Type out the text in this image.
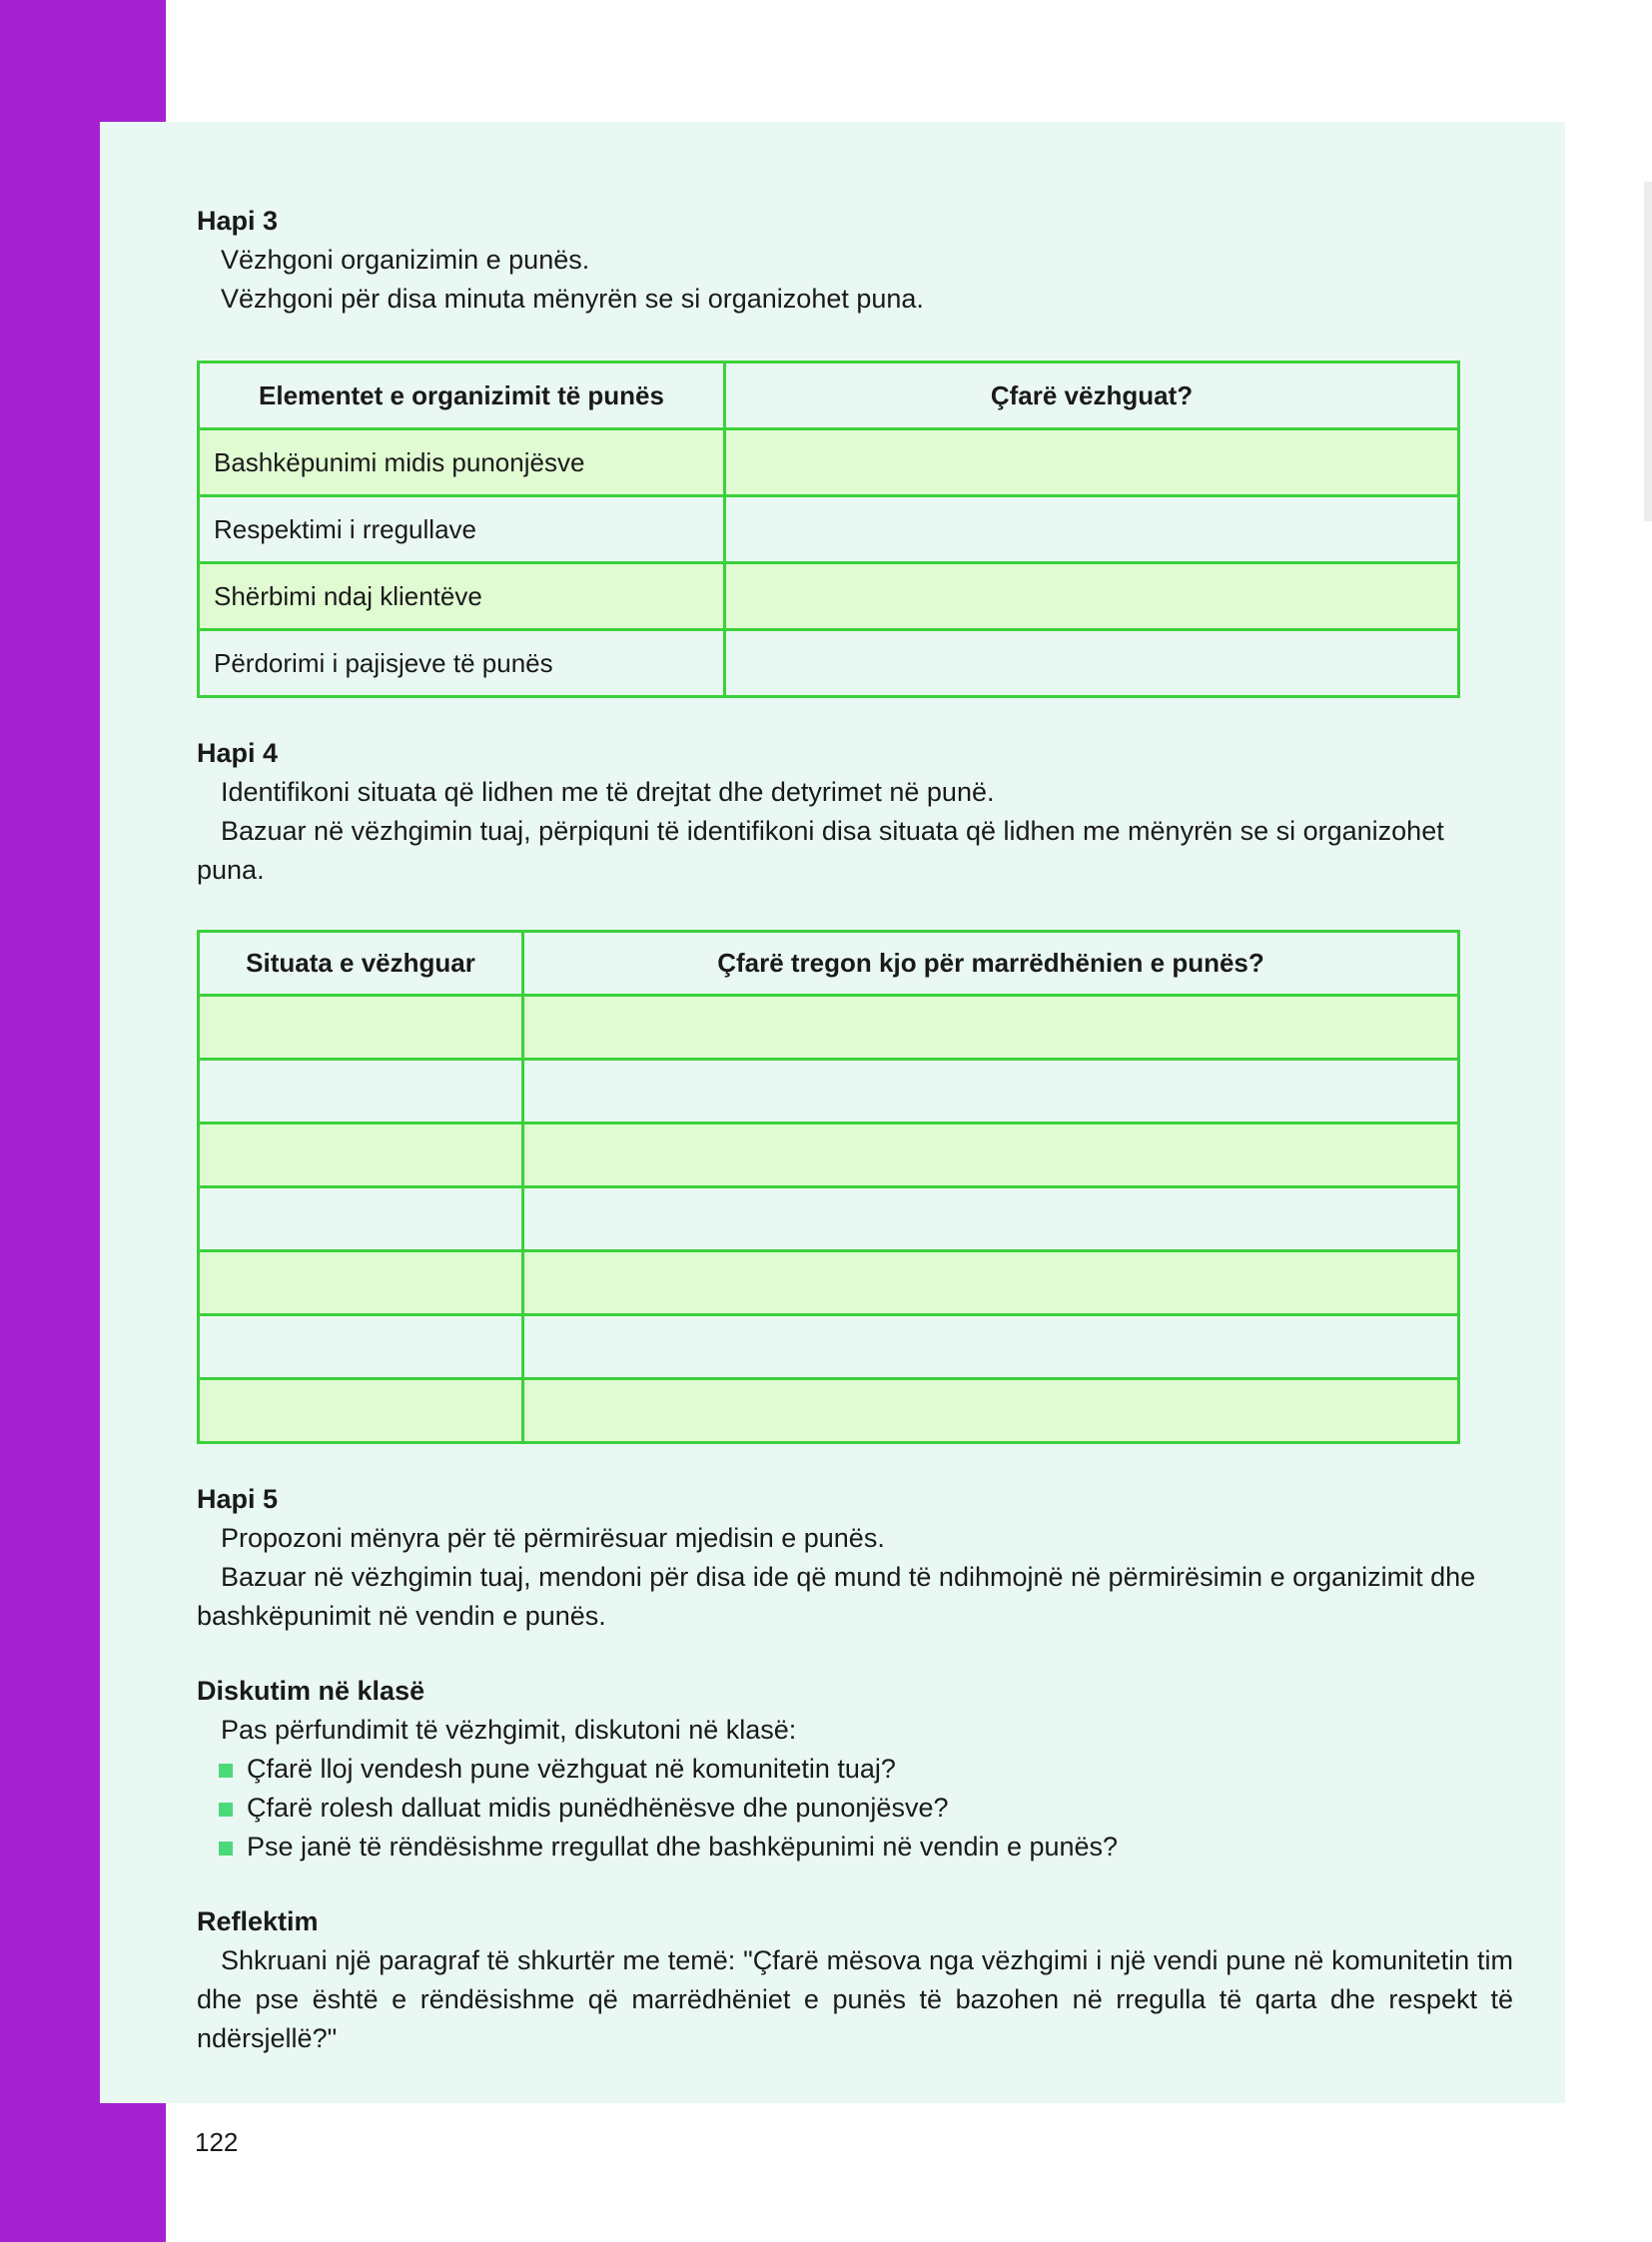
Hapi 3

Vëzhgoni organizimin e punës.

Vëzhgoni për disa minuta mënyrën se si organizohet puna.

Elementet e organizimit të punës	Çfarë vëzhguat?
Bashkëpunimi midis punonjësve	
Respektimi i rregullave	
Shërbimi ndaj klientëve	
Përdorimi i pajisjeve të punës	

Hapi 4

Identifikoni situata që lidhen me të drejtat dhe detyrimet në punë.

Bazuar në vëzhgimin tuaj, përpiquni të identifikoni disa situata që lidhen me mënyrën se si organizohet puna.

Situata e vëzhguar	Çfarë tregon kjo për marrëdhënien e punës?

Hapi 5

Propozoni mënyra për të përmirësuar mjedisin e punës.

Bazuar në vëzhgimin tuaj, mendoni për disa ide që mund të ndihmojnë në përmirësimin e organizimit dhe bashkëpunimit në vendin e punës.

Diskutim në klasë

Pas përfundimit të vëzhgimit, diskutoni në klasë:

Çfarë lloj vendesh pune vëzhguat në komunitetin tuaj?
Çfarë rolesh dalluat midis punëdhënësve dhe punonjësve?
Pse janë të rëndësishme rregullat dhe bashkëpunimi në vendin e punës?

Reflektim

Shkruani një paragraf të shkurtër me temë: "Çfarë mësova nga vëzhgimi i një vendi pune në komunitetin tim dhe pse është e rëndësishme që marrëdhëniet e punës të bazohen në rregulla të qarta dhe respekt të ndërsjellë?"

122
